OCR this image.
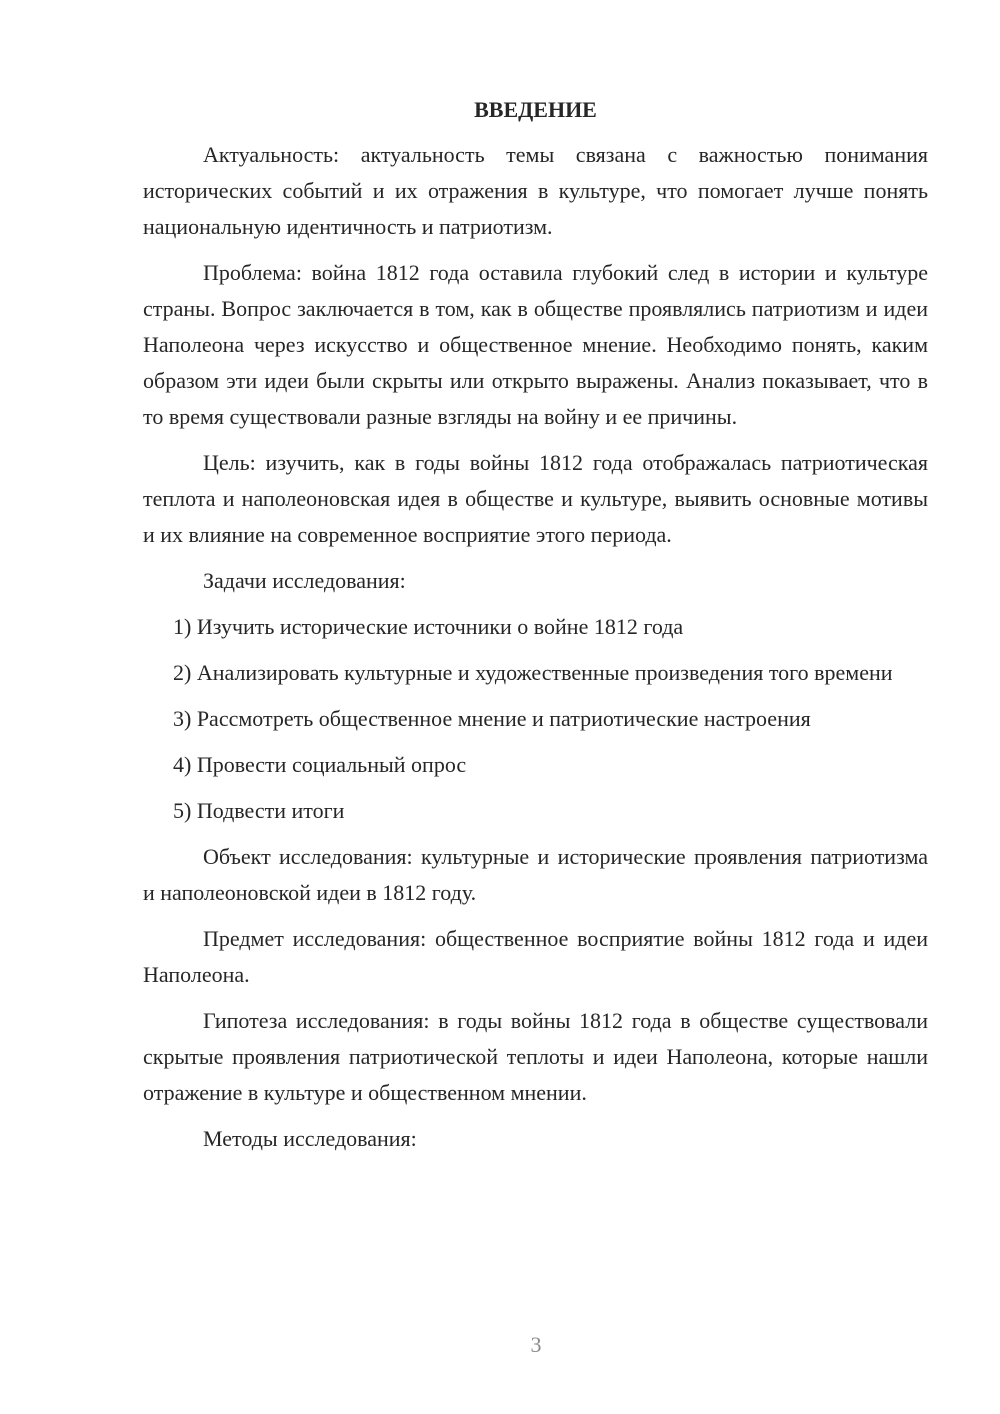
ВВЕДЕНИЕ

Актуальность: актуальность темы связана с важностью понимания исторических событий и их отражения в культуре, что помогает лучше понять национальную идентичность и патриотизм.

Проблема: война 1812 года оставила глубокий след в истории и культуре страны. Вопрос заключается в том, как в обществе проявлялись патриотизм и идеи Наполеона через искусство и общественное мнение. Необходимо понять, каким образом эти идеи были скрыты или открыто выражены. Анализ показывает, что в то время существовали разные взгляды на войну и ее причины.

Цель: изучить, как в годы войны 1812 года отображалась патриотическая теплота и наполеоновская идея в обществе и культуре, выявить основные мотивы и их влияние на современное восприятие этого периода.

Задачи исследования:

1) Изучить исторические источники о войне 1812 года

2) Анализировать культурные и художественные произведения того времени

3) Рассмотреть общественное мнение и патриотические настроения

4) Провести социальный опрос

5) Подвести итоги

Объект исследования: культурные и исторические проявления патриотизма и наполеоновской идеи в 1812 году.

Предмет исследования: общественное восприятие войны 1812 года и идеи Наполеона.

Гипотеза исследования: в годы войны 1812 года в обществе существовали скрытые проявления патриотической теплоты и идеи Наполеона, которые нашли отражение в культуре и общественном мнении.

Методы исследования:

3
